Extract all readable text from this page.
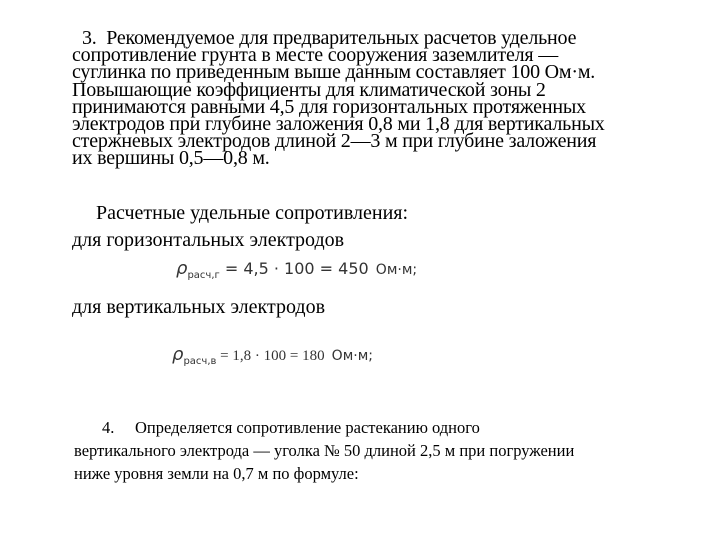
3. Рекомендуемое для предварительных расчетов удельное
сопротивление грунта в месте сооружения заземлителя —
суглинка по приведенным выше данным составляет 100 Ом·м.
Повышающие коэффициенты для климатической зоны 2
принимаются равными 4,5 для горизонтальных протяженных
электродов при глубине заложения 0,8 ми 1,8 для вертикальных
стержневых электродов длиной 2—3 м при глубине заложения
их вершины 0,5—0,8 м.
Расчетные удельные сопротивления:
для горизонтальных электродов
$\rho_{расч,г} = 4,5 \cdot 100 = 450$ Ом·м;
для вертикальных электродов
$\rho_{расч,в} = 1,8 \cdot 100 = 180$ Ом·м;
4. Определяется сопротивление растеканию одного
вертикального электрода — уголка № 50 длиной 2,5 м при погружении
ниже уровня земли на 0,7 м по формуле:
